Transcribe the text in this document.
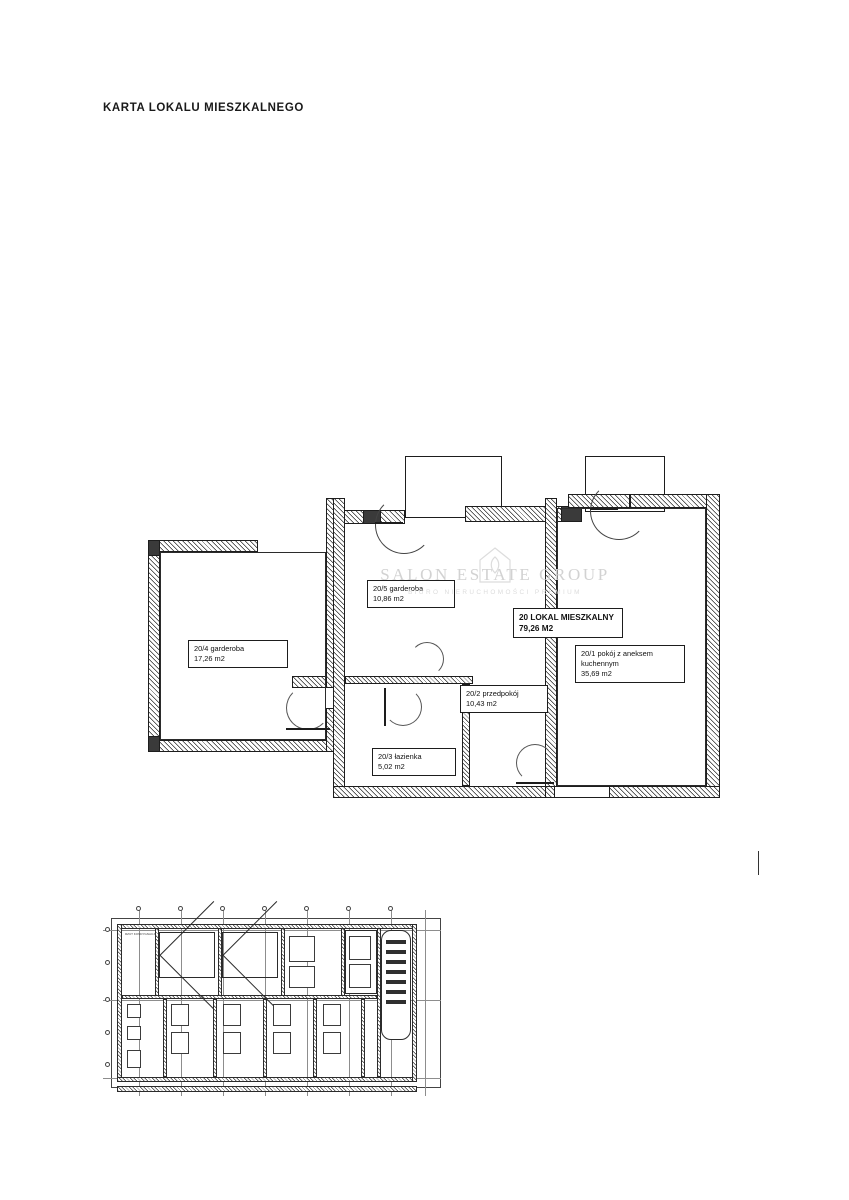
KARTA LOKALU MIESZKALNEGO
20/5 garderoba
10,86 m2
20 LOKAL MIESZKALNY
79,26 M2
20/1 pokój z aneksem
kuchennym
35,69 m2
20/4 garderoba
17,26 m2
20/2 przedpokój
10,43 m2
20/3 łazienka
5,02 m2
SALON ESTATE GROUP
BIURO NIERUCHOMOŚCI PREMIUM
RZUT KONDYGNACJI
